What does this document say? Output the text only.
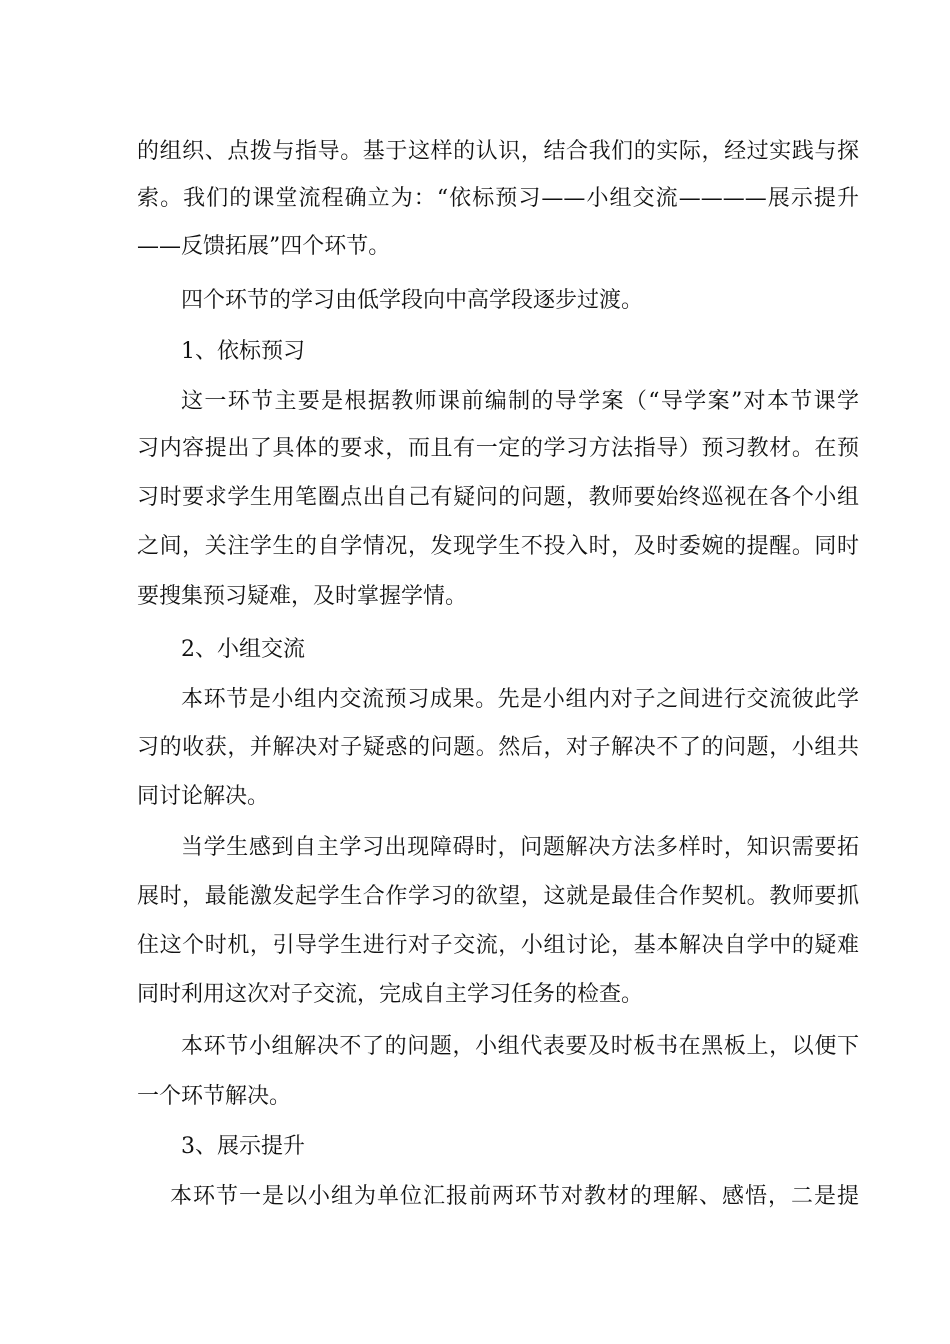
的组织、点拨与指导。基于这样的认识，结合我们的实际，经过实践与探
索。我们的课堂流程确立为：“依标预习——小组交流————展示提升
——反馈拓展”四个环节。
四个环节的学习由低学段向中高学段逐步过渡。
1、依标预习
这一环节主要是根据教师课前编制的导学案（“导学案”对本节课学
习内容提出了具体的要求，而且有一定的学习方法指导）预习教材。在预
习时要求学生用笔圈点出自己有疑问的问题，教师要始终巡视在各个小组
之间，关注学生的自学情况，发现学生不投入时，及时委婉的提醒。同时
要搜集预习疑难，及时掌握学情。
2、小组交流
本环节是小组内交流预习成果。先是小组内对子之间进行交流彼此学
习的收获，并解决对子疑惑的问题。然后，对子解决不了的问题，小组共
同讨论解决。
当学生感到自主学习出现障碍时，问题解决方法多样时，知识需要拓
展时，最能激发起学生合作学习的欲望，这就是最佳合作契机。教师要抓
住这个时机，引导学生进行对子交流，小组讨论，基本解决自学中的疑难
同时利用这次对子交流，完成自主学习任务的检查。
本环节小组解决不了的问题，小组代表要及时板书在黑板上，以便下
一个环节解决。
3、展示提升
本环节一是以小组为单位汇报前两环节对教材的理解、感悟，二是提
